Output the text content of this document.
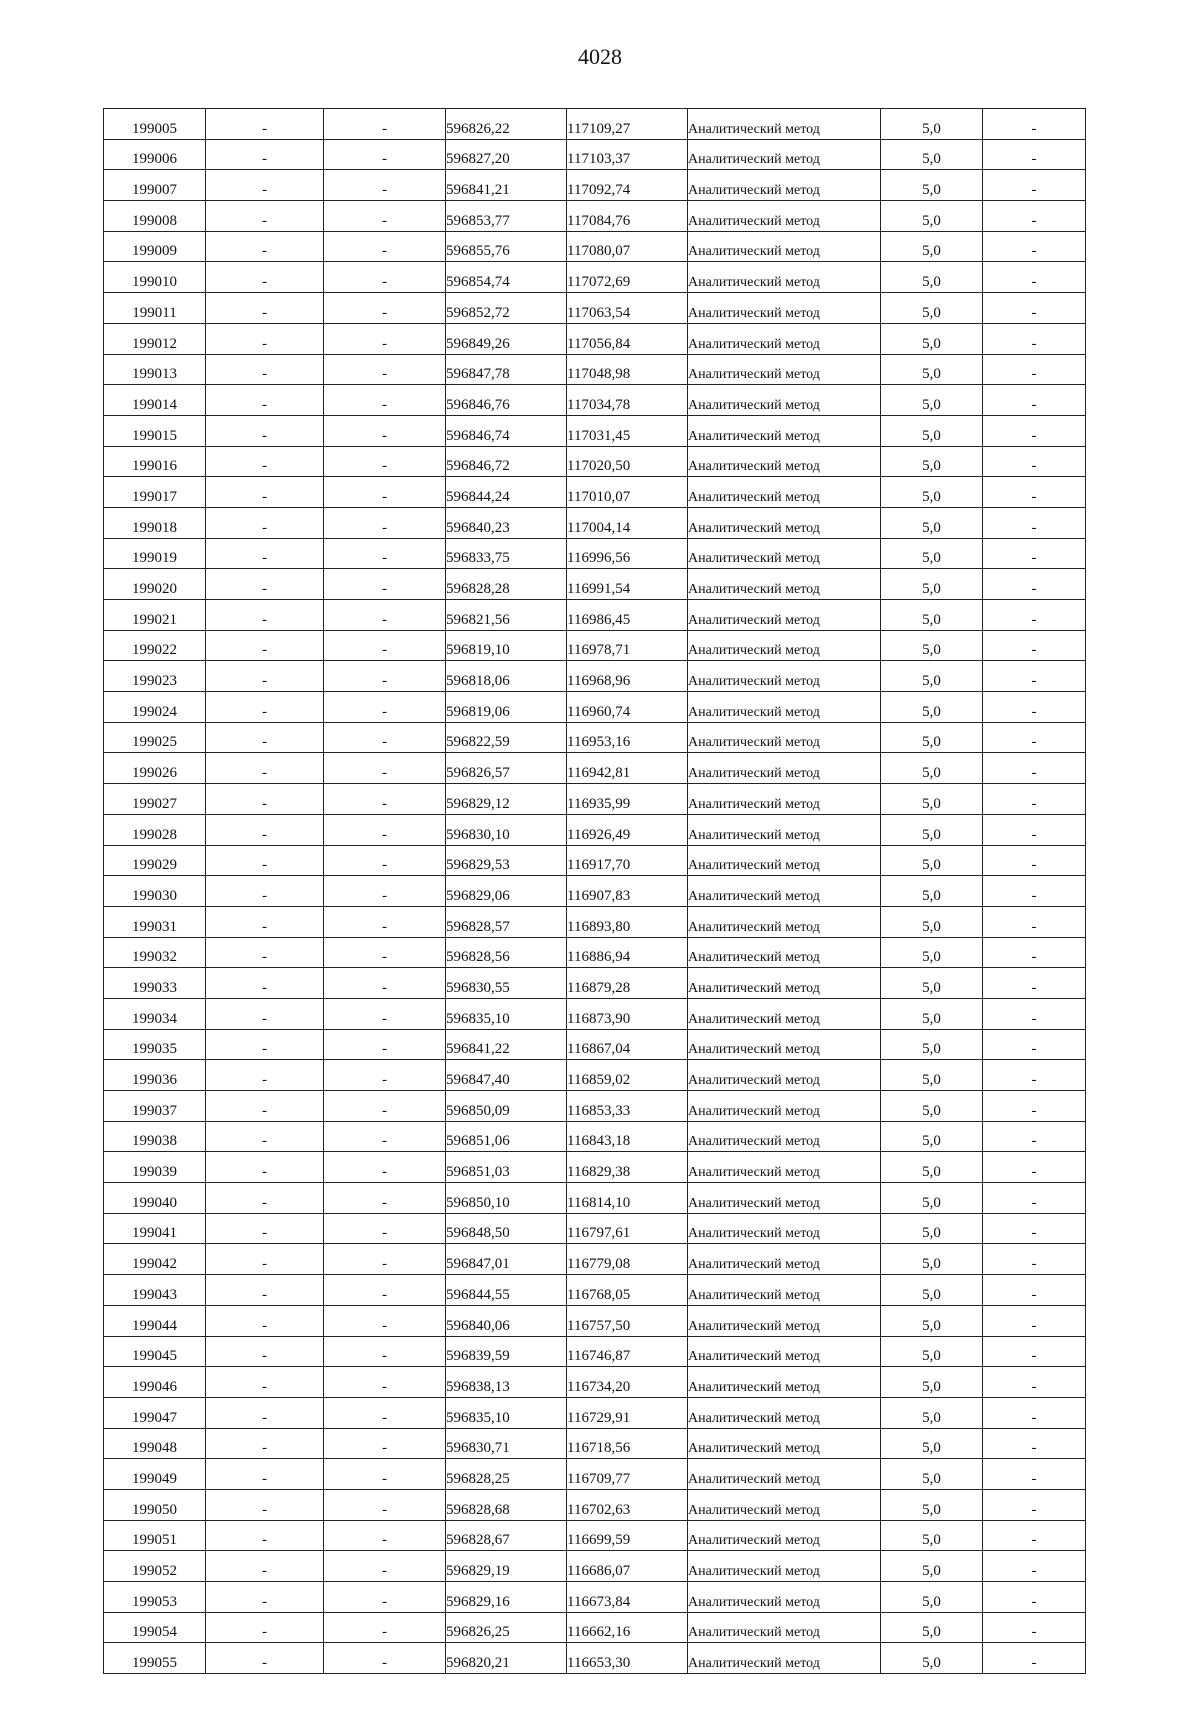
4028
199005	-	-	596826,22	117109,27	Аналитический метод	5,0	-
199006	-	-	596827,20	117103,37	Аналитический метод	5,0	-
199007	-	-	596841,21	117092,74	Аналитический метод	5,0	-
199008	-	-	596853,77	117084,76	Аналитический метод	5,0	-
199009	-	-	596855,76	117080,07	Аналитический метод	5,0	-
199010	-	-	596854,74	117072,69	Аналитический метод	5,0	-
199011	-	-	596852,72	117063,54	Аналитический метод	5,0	-
199012	-	-	596849,26	117056,84	Аналитический метод	5,0	-
199013	-	-	596847,78	117048,98	Аналитический метод	5,0	-
199014	-	-	596846,76	117034,78	Аналитический метод	5,0	-
199015	-	-	596846,74	117031,45	Аналитический метод	5,0	-
199016	-	-	596846,72	117020,50	Аналитический метод	5,0	-
199017	-	-	596844,24	117010,07	Аналитический метод	5,0	-
199018	-	-	596840,23	117004,14	Аналитический метод	5,0	-
199019	-	-	596833,75	116996,56	Аналитический метод	5,0	-
199020	-	-	596828,28	116991,54	Аналитический метод	5,0	-
199021	-	-	596821,56	116986,45	Аналитический метод	5,0	-
199022	-	-	596819,10	116978,71	Аналитический метод	5,0	-
199023	-	-	596818,06	116968,96	Аналитический метод	5,0	-
199024	-	-	596819,06	116960,74	Аналитический метод	5,0	-
199025	-	-	596822,59	116953,16	Аналитический метод	5,0	-
199026	-	-	596826,57	116942,81	Аналитический метод	5,0	-
199027	-	-	596829,12	116935,99	Аналитический метод	5,0	-
199028	-	-	596830,10	116926,49	Аналитический метод	5,0	-
199029	-	-	596829,53	116917,70	Аналитический метод	5,0	-
199030	-	-	596829,06	116907,83	Аналитический метод	5,0	-
199031	-	-	596828,57	116893,80	Аналитический метод	5,0	-
199032	-	-	596828,56	116886,94	Аналитический метод	5,0	-
199033	-	-	596830,55	116879,28	Аналитический метод	5,0	-
199034	-	-	596835,10	116873,90	Аналитический метод	5,0	-
199035	-	-	596841,22	116867,04	Аналитический метод	5,0	-
199036	-	-	596847,40	116859,02	Аналитический метод	5,0	-
199037	-	-	596850,09	116853,33	Аналитический метод	5,0	-
199038	-	-	596851,06	116843,18	Аналитический метод	5,0	-
199039	-	-	596851,03	116829,38	Аналитический метод	5,0	-
199040	-	-	596850,10	116814,10	Аналитический метод	5,0	-
199041	-	-	596848,50	116797,61	Аналитический метод	5,0	-
199042	-	-	596847,01	116779,08	Аналитический метод	5,0	-
199043	-	-	596844,55	116768,05	Аналитический метод	5,0	-
199044	-	-	596840,06	116757,50	Аналитический метод	5,0	-
199045	-	-	596839,59	116746,87	Аналитический метод	5,0	-
199046	-	-	596838,13	116734,20	Аналитический метод	5,0	-
199047	-	-	596835,10	116729,91	Аналитический метод	5,0	-
199048	-	-	596830,71	116718,56	Аналитический метод	5,0	-
199049	-	-	596828,25	116709,77	Аналитический метод	5,0	-
199050	-	-	596828,68	116702,63	Аналитический метод	5,0	-
199051	-	-	596828,67	116699,59	Аналитический метод	5,0	-
199052	-	-	596829,19	116686,07	Аналитический метод	5,0	-
199053	-	-	596829,16	116673,84	Аналитический метод	5,0	-
199054	-	-	596826,25	116662,16	Аналитический метод	5,0	-
199055	-	-	596820,21	116653,30	Аналитический метод	5,0	-
